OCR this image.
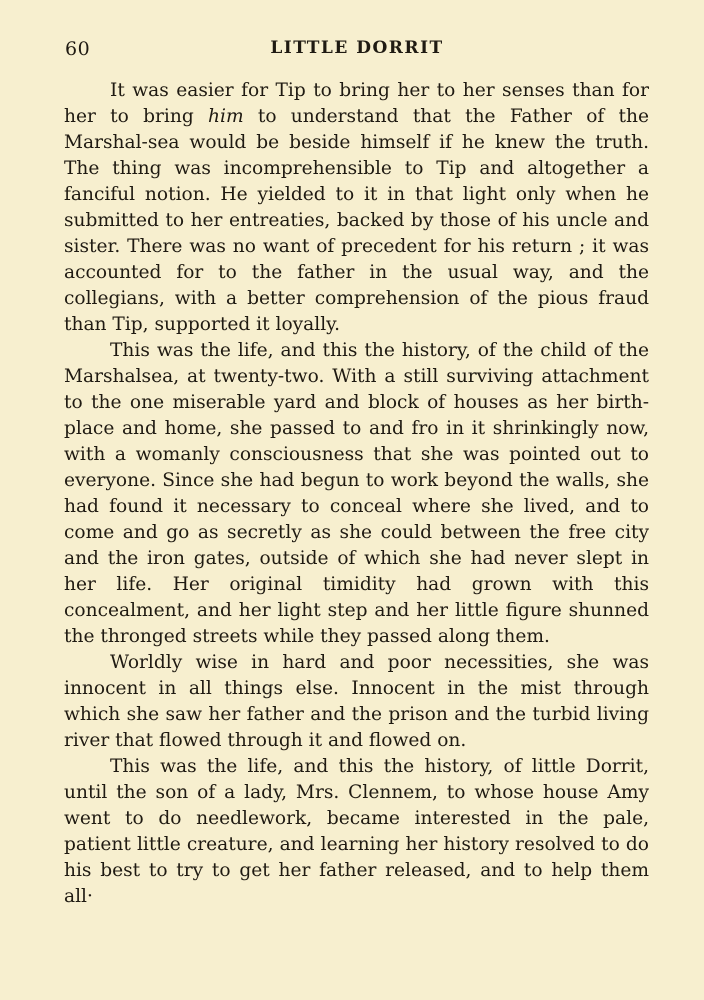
60	LITTLE DORRIT

It was easier for Tip to bring her to her senses than for her to bring him to understand that the Father of the Marshal-sea would be beside himself if he knew the truth. The thing was incomprehensible to Tip and altogether a fanciful notion. He yielded to it in that light only when he submitted to her entreaties, backed by those of his uncle and sister. There was no want of precedent for his return ; it was accounted for to the father in the usual way, and the collegians, with a better comprehension of the pious fraud than Tip, supported it loyally.

This was the life, and this the history, of the child of the Marshalsea, at twenty-two. With a still surviving attachment to the one miserable yard and block of houses as her birth-place and home, she passed to and fro in it shrinkingly now, with a womanly consciousness that she was pointed out to everyone. Since she had begun to work beyond the walls, she had found it necessary to conceal where she lived, and to come and go as secretly as she could between the free city and the iron gates, outside of which she had never slept in her life. Her original timidity had grown with this concealment, and her light step and her little figure shunned the thronged streets while they passed along them.

Worldly wise in hard and poor necessities, she was innocent in all things else. Innocent in the mist through which she saw her father and the prison and the turbid living river that flowed through it and flowed on.

This was the life, and this the history, of little Dorrit, until the son of a lady, Mrs. Clennem, to whose house Amy went to do needlework, became interested in the pale, patient little creature, and learning her history resolved to do his best to try to get her father released, and to help them all·
